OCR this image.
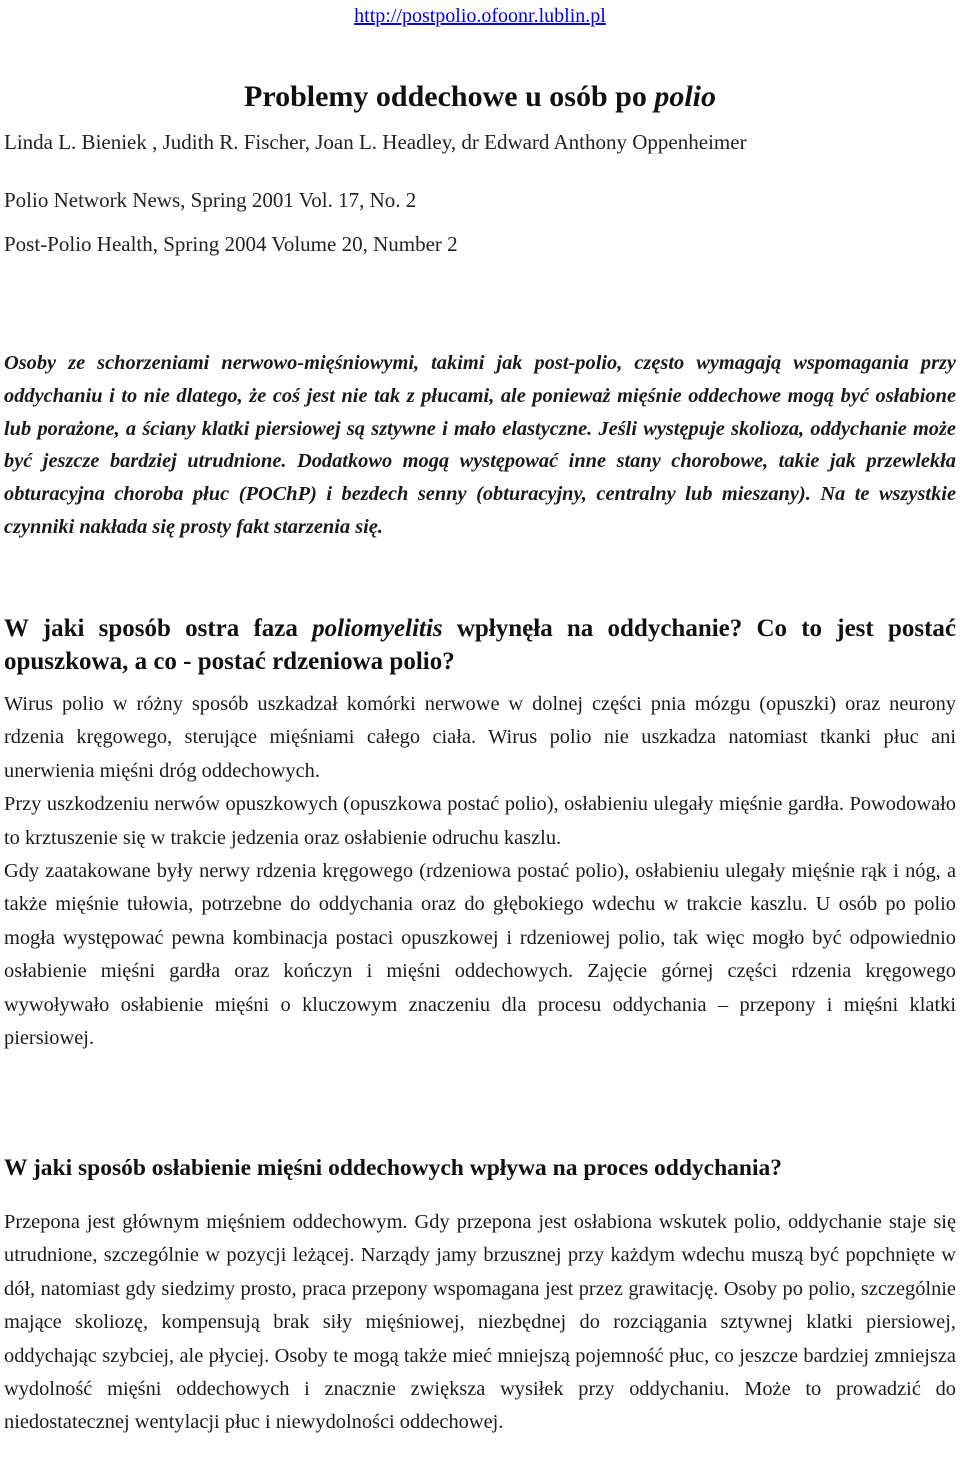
http://postpolio.ofoonr.lublin.pl
Problemy oddechowe u osób po polio

Linda L. Bieniek , Judith R. Fischer, Joan L. Headley, dr Edward Anthony Oppenheimer

Polio Network News, Spring 2001 Vol. 17, No. 2

Post-Polio Health, Spring 2004 Volume 20, Number 2

Osoby ze schorzeniami nerwowo-mięśniowymi, takimi jak post-polio, często wymagają wspomagania przy oddychaniu i to nie dlatego, że coś jest nie tak z płucami, ale ponieważ mięśnie oddechowe mogą być osłabione lub porażone, a ściany klatki piersiowej są sztywne i mało elastyczne. Jeśli występuje skolioza, oddychanie może być jeszcze bardziej utrudnione. Dodatkowo mogą występować inne stany chorobowe, takie jak przewlekła obturacyjna choroba płuc (POChP) i bezdech senny (obturacyjny, centralny lub mieszany). Na te wszystkie czynniki nakłada się prosty fakt starzenia się.

W jaki sposób ostra faza poliomyelitis wpłynęła na oddychanie? Co to jest postać opuszkowa, a co - postać rdzeniowa polio?

Wirus polio w różny sposób uszkadzał komórki nerwowe w dolnej części pnia mózgu (opuszki) oraz neurony rdzenia kręgowego, sterujące mięśniami całego ciała. Wirus polio nie uszkadza natomiast tkanki płuc ani unerwienia mięśni dróg oddechowych.

Przy uszkodzeniu nerwów opuszkowych (opuszkowa postać polio), osłabieniu ulegały mięśnie gardła. Powodowało to krztuszenie się w trakcie jedzenia oraz osłabienie odruchu kaszlu.

Gdy zaatakowane były nerwy rdzenia kręgowego (rdzeniowa postać polio), osłabieniu ulegały mięśnie rąk i nóg, a także mięśnie tułowia, potrzebne do oddychania oraz do głębokiego wdechu w trakcie kaszlu. U osób po polio mogła występować pewna kombinacja postaci opuszkowej i rdzeniowej polio, tak więc mogło być odpowiednio osłabienie mięśni gardła oraz kończyn i mięśni oddechowych. Zajęcie górnej części rdzenia kręgowego wywoływało osłabienie mięśni o kluczowym znaczeniu dla procesu oddychania – przepony i mięśni klatki piersiowej.

W jaki sposób osłabienie mięśni oddechowych wpływa na proces oddychania?

Przepona jest głównym mięśniem oddechowym. Gdy przepona jest osłabiona wskutek polio, oddychanie staje się utrudnione, szczególnie w pozycji leżącej. Narządy jamy brzusznej przy każdym wdechu muszą być popchnięte w dół, natomiast gdy siedzimy prosto, praca przepony wspomagana jest przez grawitację. Osoby po polio, szczególnie mające skoliozę, kompensują brak siły mięśniowej, niezbędnej do rozciągania sztywnej klatki piersiowej, oddychając szybciej, ale płyciej. Osoby te mogą także mieć mniejszą pojemność płuc, co jeszcze bardziej zmniejsza wydolność mięśni oddechowych i znacznie zwiększa wysiłek przy oddychaniu. Może to prowadzić do niedostatecznej wentylacji płuc i niewydolności oddechowej.
